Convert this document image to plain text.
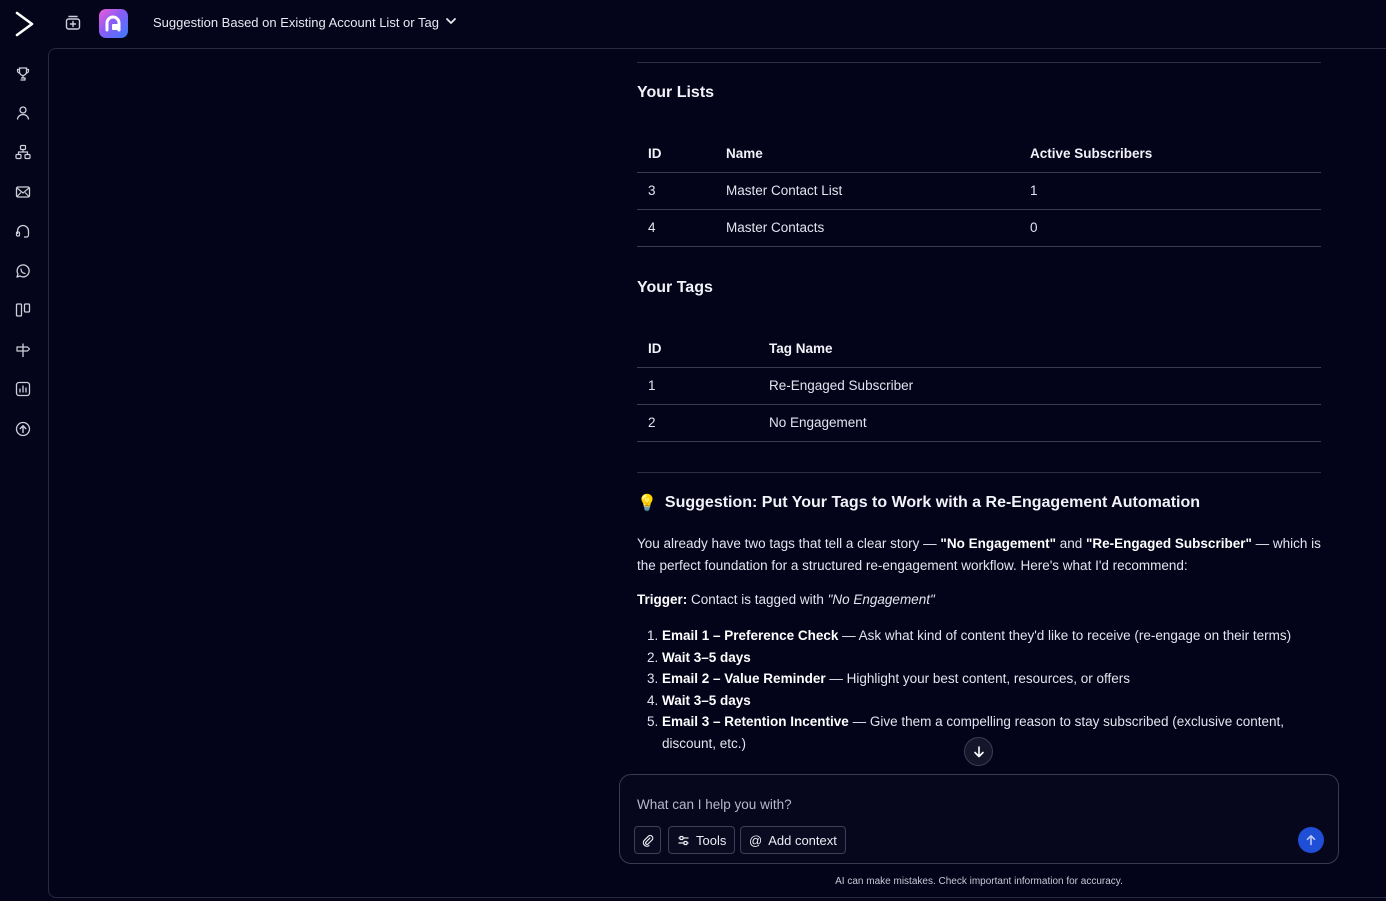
Suggestion Based on Existing Account List or Tag
Your Lists
ID	Name	Active Subscribers
3	Master Contact List	1
4	Master Contacts	0
Your Tags
ID	Tag Name
1	Re-Engaged Subscriber
2	No Engagement
💡 Suggestion: Put Your Tags to Work with a Re-Engagement Automation

You already have two tags that tell a clear story — "No Engagement" and "Re-Engaged Subscriber" — which is the perfect foundation for a structured re-engagement workflow. Here's what I'd recommend:

Trigger: Contact is tagged with "No Engagement"

1. Email 1 – Preference Check — Ask what kind of content they'd like to receive (re-engage on their terms)
2. Wait 3–5 days
3. Email 2 – Value Reminder — Highlight your best content, resources, or offers
4. Wait 3–5 days
5. Email 3 – Retention Incentive — Give them a compelling reason to stay subscribed (exclusive content, discount, etc.)
What can I help you with?
Tools @ Add context
AI can make mistakes. Check important information for accuracy.
